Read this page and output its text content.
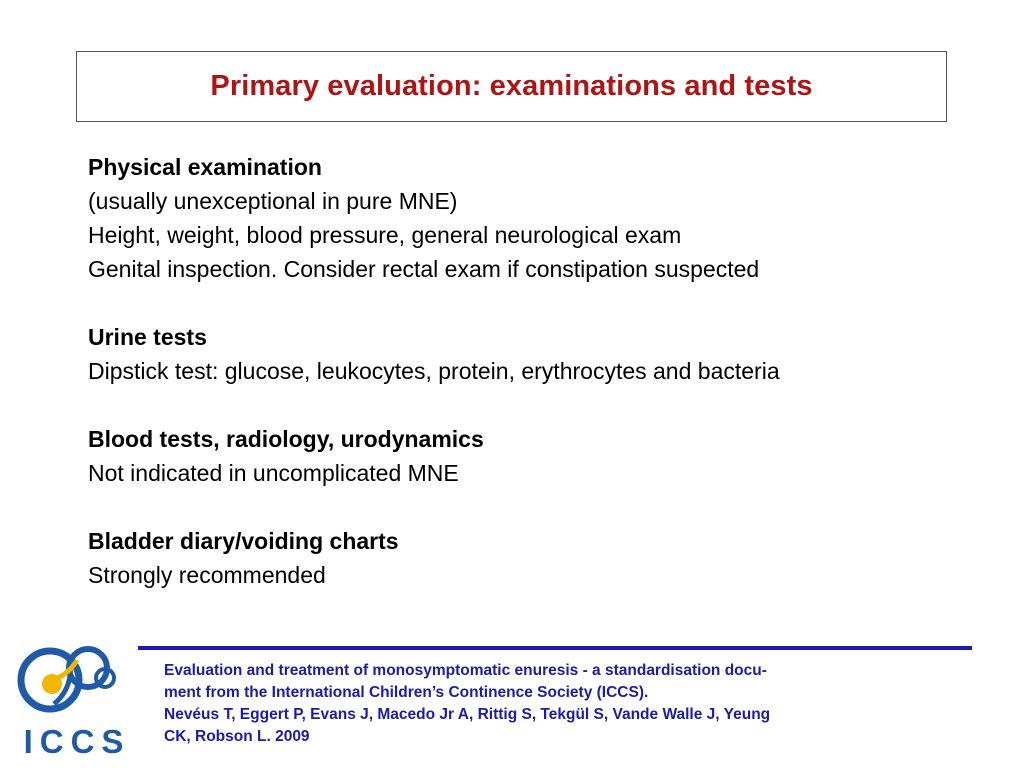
Primary evaluation: examinations and tests
Physical examination
(usually unexceptional in pure MNE)
Height, weight, blood pressure, general neurological exam
Genital inspection. Consider rectal exam if constipation suspected
Urine tests
Dipstick test: glucose, leukocytes, protein, erythrocytes and bacteria
Blood tests, radiology, urodynamics
Not indicated in uncomplicated MNE
Bladder diary/voiding charts
Strongly recommended
ICCS
Evaluation and treatment of monosymptomatic enuresis - a standardisation docu-
ment from the International Children’s Continence Society (ICCS).
Nevéus T, Eggert P, Evans J, Macedo Jr A, Rittig S, Tekgül S, Vande Walle J, Yeung
CK, Robson L. 2009
